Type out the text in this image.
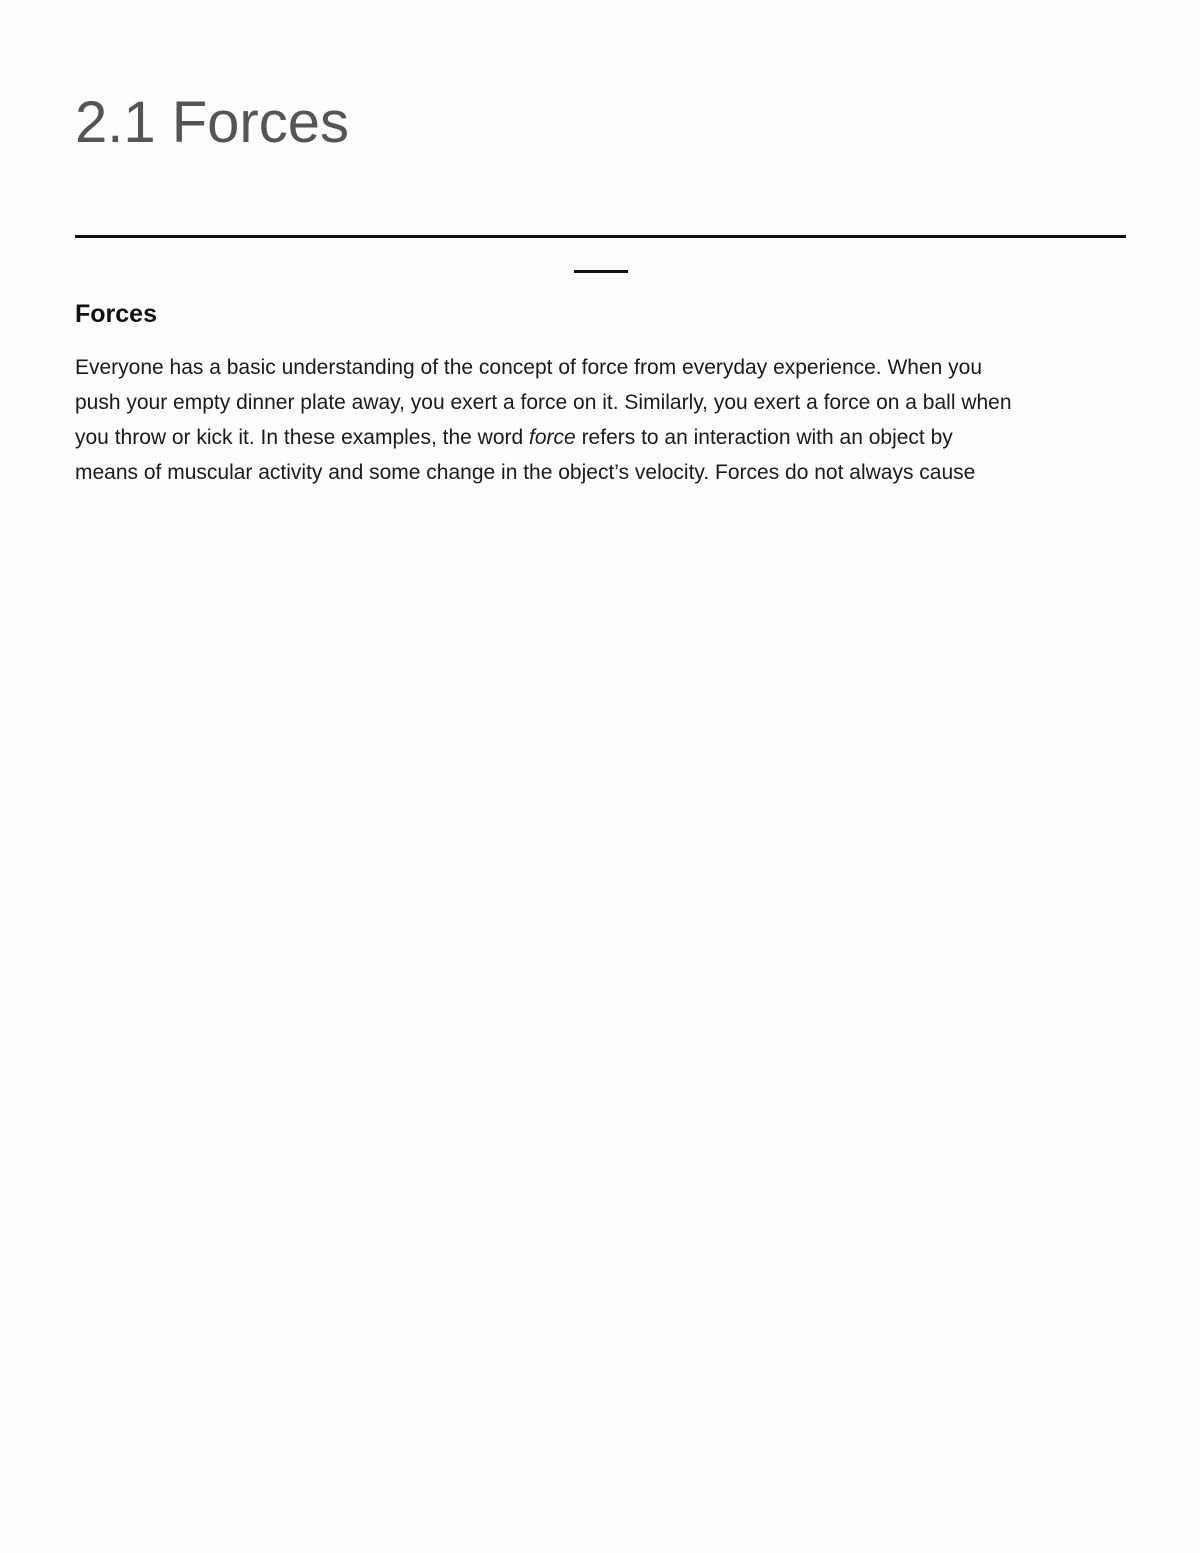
2.1 Forces
Forces

Everyone has a basic understanding of the concept of force from everyday experience. When you
push your empty dinner plate away, you exert a force on it. Similarly, you exert a force on a ball when
you throw or kick it. In these examples, the word force refers to an interaction with an object by
means of muscular activity and some change in the object’s velocity. Forces do not always cause
